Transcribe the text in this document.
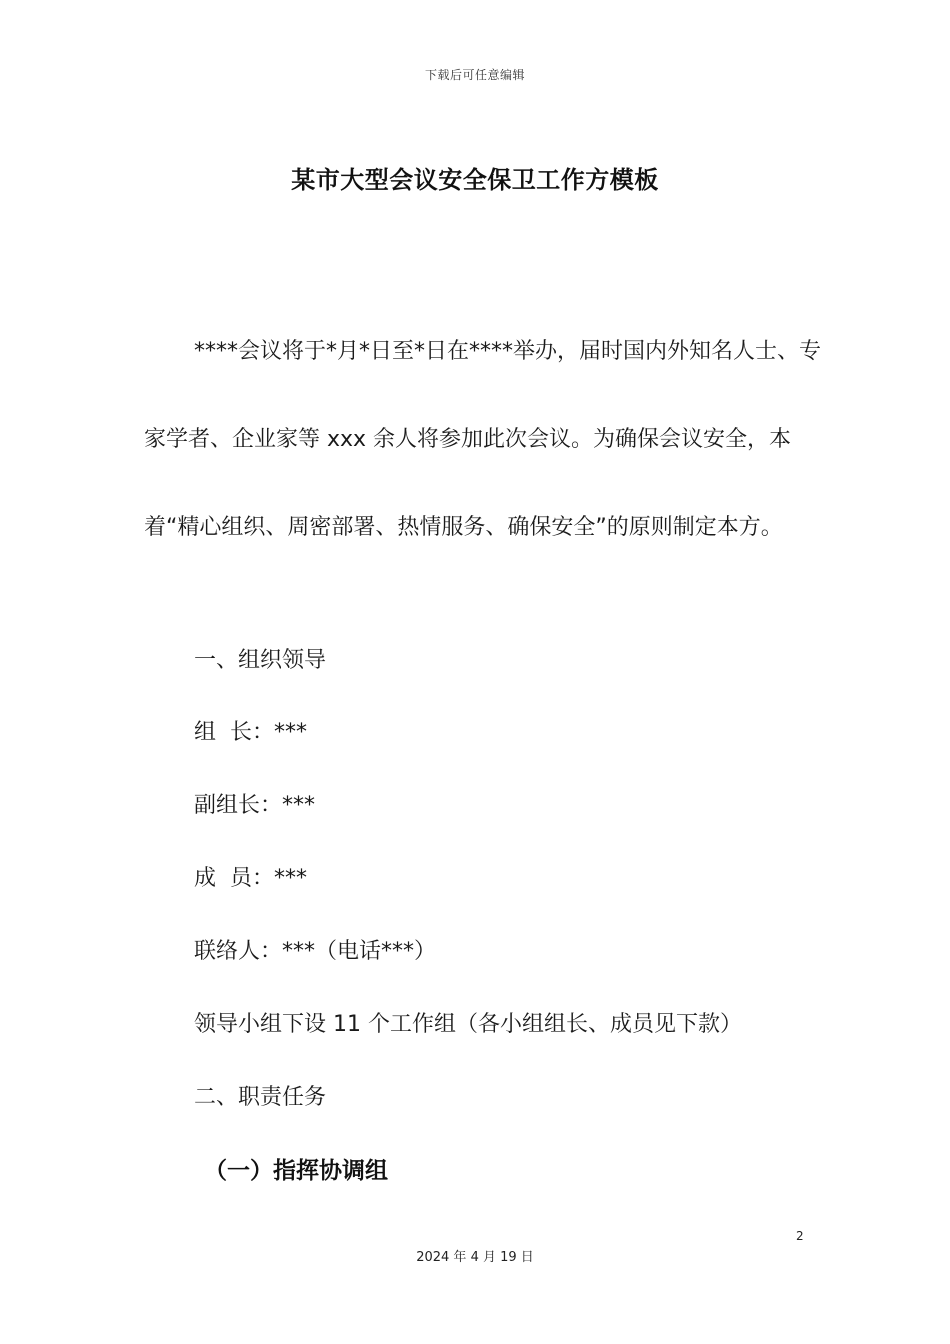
下载后可任意编辑
某市大型会议安全保卫工作方模板

****会议将于*月*日至*日在****举办，届时国内外知名人士、专家学者、企业家等 xxx 余人将参加此次会议。为确保会议安全，本着“精心组织、周密部署、热情服务、确保安全”的原则制定本方。

一、组织领导
组  长：***
副组长：***
成  员：***
联络人：***（电话***）
领导小组下设 11 个工作组（各小组组长、成员见下款）
二、职责任务
（一）指挥协调组
2
2024 年 4 月 19 日
